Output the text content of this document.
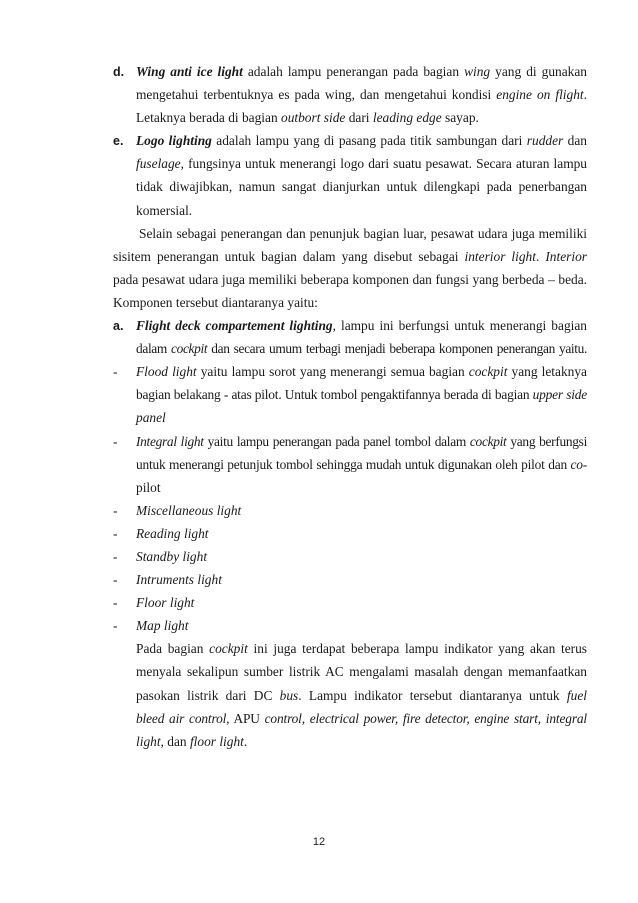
d. Wing anti ice light adalah lampu penerangan pada bagian wing yang di gunakan
mengetahui terbentuknya es pada wing, dan mengetahui kondisi engine on flight.
Letaknya berada di bagian outbort side dari leading edge sayap.
e. Logo lighting adalah lampu yang di pasang pada titik sambungan dari rudder dan
fuselage, fungsinya untuk menerangi logo dari suatu pesawat. Secara aturan lampu
tidak diwajibkan, namun sangat dianjurkan untuk dilengkapi pada penerbangan
komersial.
Selain sebagai penerangan dan penunjuk bagian luar, pesawat udara juga memiliki
sisitem penerangan untuk bagian dalam yang disebut sebagai interior light. Interior
pada pesawat udara juga memiliki beberapa komponen dan fungsi yang berbeda – beda.
Komponen tersebut diantaranya yaitu:
a. Flight deck compartement lighting, lampu ini berfungsi untuk menerangi bagian
dalam cockpit dan secara umum terbagi menjadi beberapa komponen penerangan yaitu.
- Flood light yaitu lampu sorot yang menerangi semua bagian cockpit yang letaknya
bagian belakang - atas pilot. Untuk tombol pengaktifannya berada di bagian upper side
panel
- Integral light yaitu lampu penerangan pada panel tombol dalam cockpit yang berfungsi
untuk menerangi petunjuk tombol sehingga mudah untuk digunakan oleh pilot dan co-
pilot
- Miscellaneous light
- Reading light
- Standby light
- Intruments light
- Floor light
- Map light
Pada bagian cockpit ini juga terdapat beberapa lampu indikator yang akan terus
menyala sekalipun sumber listrik AC mengalami masalah dengan memanfaatkan
pasokan listrik dari DC bus. Lampu indikator tersebut diantaranya untuk fuel
bleed air control, APU control, electrical power, fire detector, engine start, integral
light, dan floor light.
12
